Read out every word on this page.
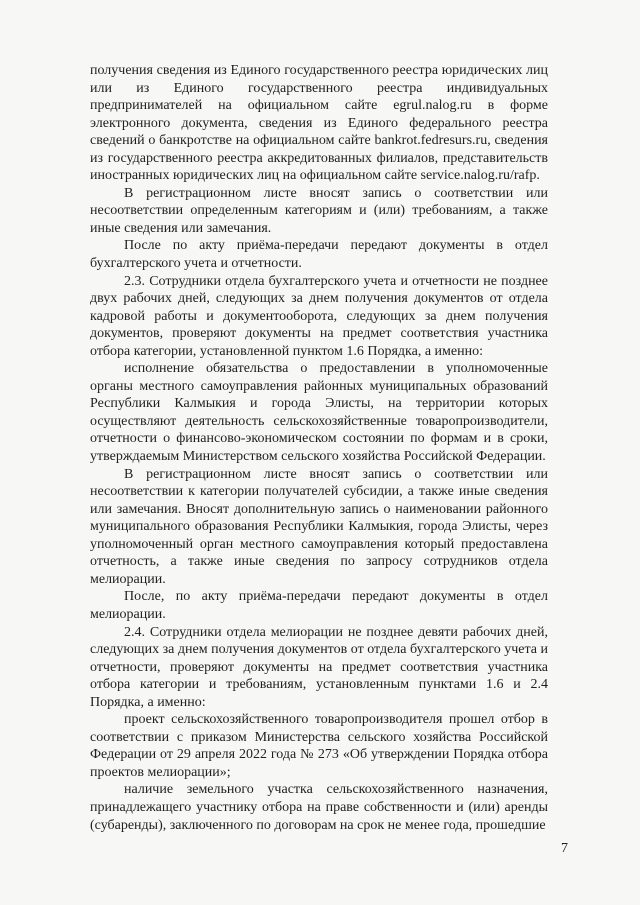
получения сведения из Единого государственного реестра юридических лиц или из Единого государственного реестра индивидуальных предпринимателей на официальном сайте egrul.nalog.ru в форме электронного документа, сведения из Единого федерального реестра сведений о банкротстве на официальном сайте bankrot.fedresurs.ru, сведения из государственного реестра аккредитованных филиалов, представительств иностранных юридических лиц на официальном сайте service.nalog.ru/rafp.

В регистрационном листе вносят запись о соответствии или несоответствии определенным категориям и (или) требованиям, а также иные сведения или замечания.

После по акту приёма-передачи передают документы в отдел бухгалтерского учета и отчетности.

2.3. Сотрудники отдела бухгалтерского учета и отчетности не позднее двух рабочих дней, следующих за днем получения документов от отдела кадровой работы и документооборота, следующих за днем получения документов, проверяют документы на предмет соответствия участника отбора категории, установленной пунктом 1.6 Порядка, а именно:

исполнение обязательства о предоставлении в уполномоченные органы местного самоуправления районных муниципальных образований Республики Калмыкия и города Элисты, на территории которых осуществляют деятельность сельскохозяйственные товаропроизводители, отчетности о финансово-экономическом состоянии по формам и в сроки, утверждаемым Министерством сельского хозяйства Российской Федерации.

В регистрационном листе вносят запись о соответствии или несоответствии к категории получателей субсидии, а также иные сведения или замечания. Вносят дополнительную запись о наименовании районного муниципального образования Республики Калмыкия, города Элисты, через уполномоченный орган местного самоуправления который предоставлена отчетность, а также иные сведения по запросу сотрудников отдела мелиорации.

После, по акту приёма-передачи передают документы в отдел мелиорации.

2.4. Сотрудники отдела мелиорации не позднее девяти рабочих дней, следующих за днем получения документов от отдела бухгалтерского учета и отчетности, проверяют документы на предмет соответствия участника отбора категории и требованиям, установленным пунктами 1.6 и 2.4 Порядка, а именно:

проект сельскохозяйственного товаропроизводителя прошел отбор в соответствии с приказом Министерства сельского хозяйства Российской Федерации от 29 апреля 2022 года № 273 «Об утверждении Порядка отбора проектов мелиорации»;

наличие земельного участка сельскохозяйственного назначения, принадлежащего участнику отбора на праве собственности и (или) аренды (субаренды), заключенного по договорам на срок не менее года, прошедшие

7
